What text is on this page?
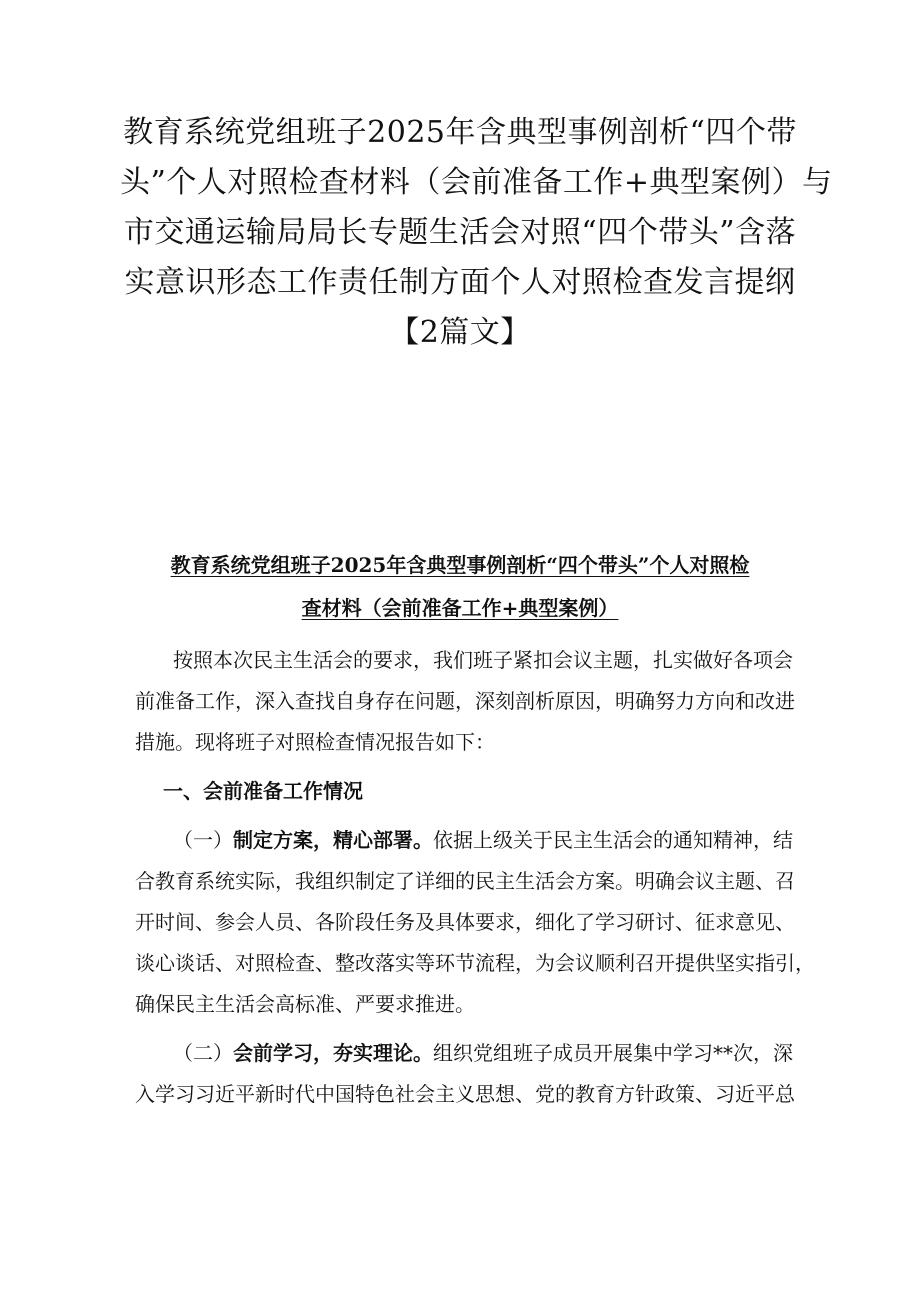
教育系统党组班子2025年含典型事例剖析“四个带
头”个人对照检查材料（会前准备工作+典型案例）与
市交通运输局局长专题生活会对照“四个带头”含落
实意识形态工作责任制方面个人对照检查发言提纲
【2篇文】
教育系统党组班子2025年含典型事例剖析“四个带头”个人对照检
查材料（会前准备工作+典型案例）

按照本次民主生活会的要求，我们班子紧扣会议主题，扎实做好各项会
前准备工作，深入查找自身存在问题，深刻剖析原因，明确努力方向和改进
措施。现将班子对照检查情况报告如下：

一、会前准备工作情况

（一）制定方案，精心部署。依据上级关于民主生活会的通知精神，结
合教育系统实际，我组织制定了详细的民主生活会方案。明确会议主题、召
开时间、参会人员、各阶段任务及具体要求，细化了学习研讨、征求意见、
谈心谈话、对照检查、整改落实等环节流程，为会议顺利召开提供坚实指引，
确保民主生活会高标准、严要求推进。

（二）会前学习，夯实理论。组织党组班子成员开展集中学习**次，深
入学习习近平新时代中国特色社会主义思想、党的教育方针政策、习近平总
